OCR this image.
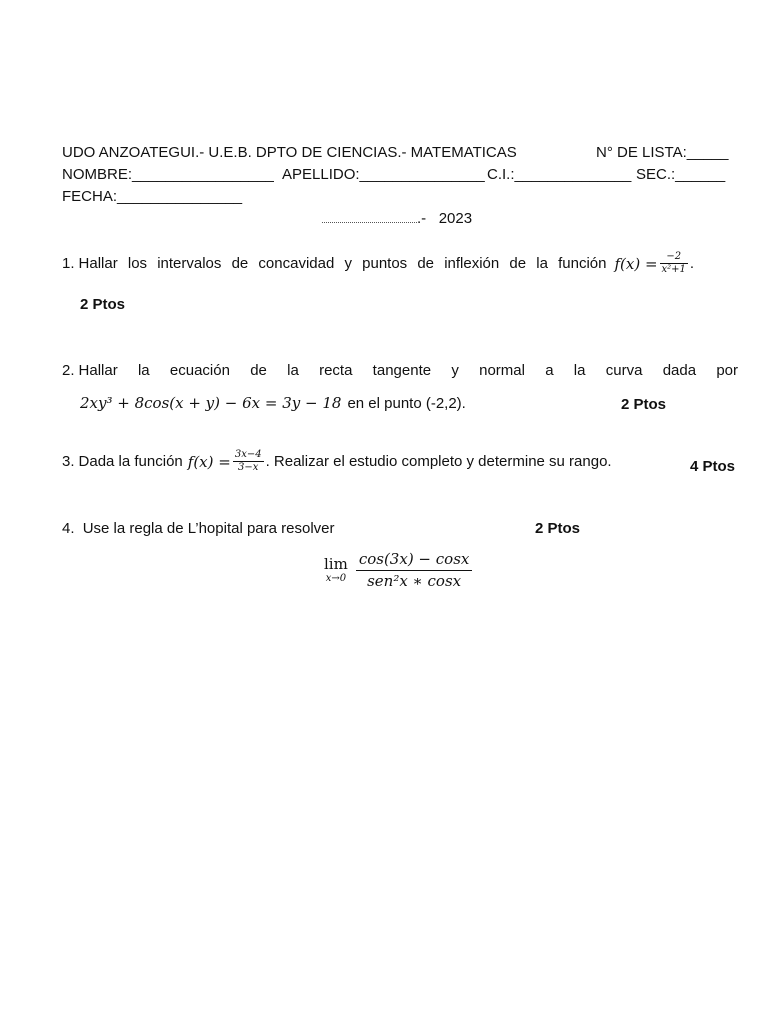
UDO ANZOATEGUI.- U.E.B. DPTO DE CIENCIAS.- MATEMATICAS	N° DE LISTA:_____
NOMBRE:_________________ APELLIDO:_______________ C.I.:______________ SEC.:______
FECHA:_______________
.- 2023
1. Hallar los intervalos de concavidad y puntos de inflexión de la función $f(x) = \frac{-2}{\text{x²+1}}$ .
2 Ptos
2. Hallar la ecuación de la recta tangente y normal a la curva dada por
2xy³ + 8cos(x + y) − 6x = 3y − 18 en el punto (-2,2).	2 Ptos
3. Dada la función $f(x) = \frac{3x-4}{3-x}$ . Realizar el estudio completo y determine su rango.	4 Ptos
4. Use la regla de L’hopital para resolver	2 Ptos
lim
$x\to 0 \frac{\cos(3x) - \cos x}{\text{sen²x ∗ cosx}}$
